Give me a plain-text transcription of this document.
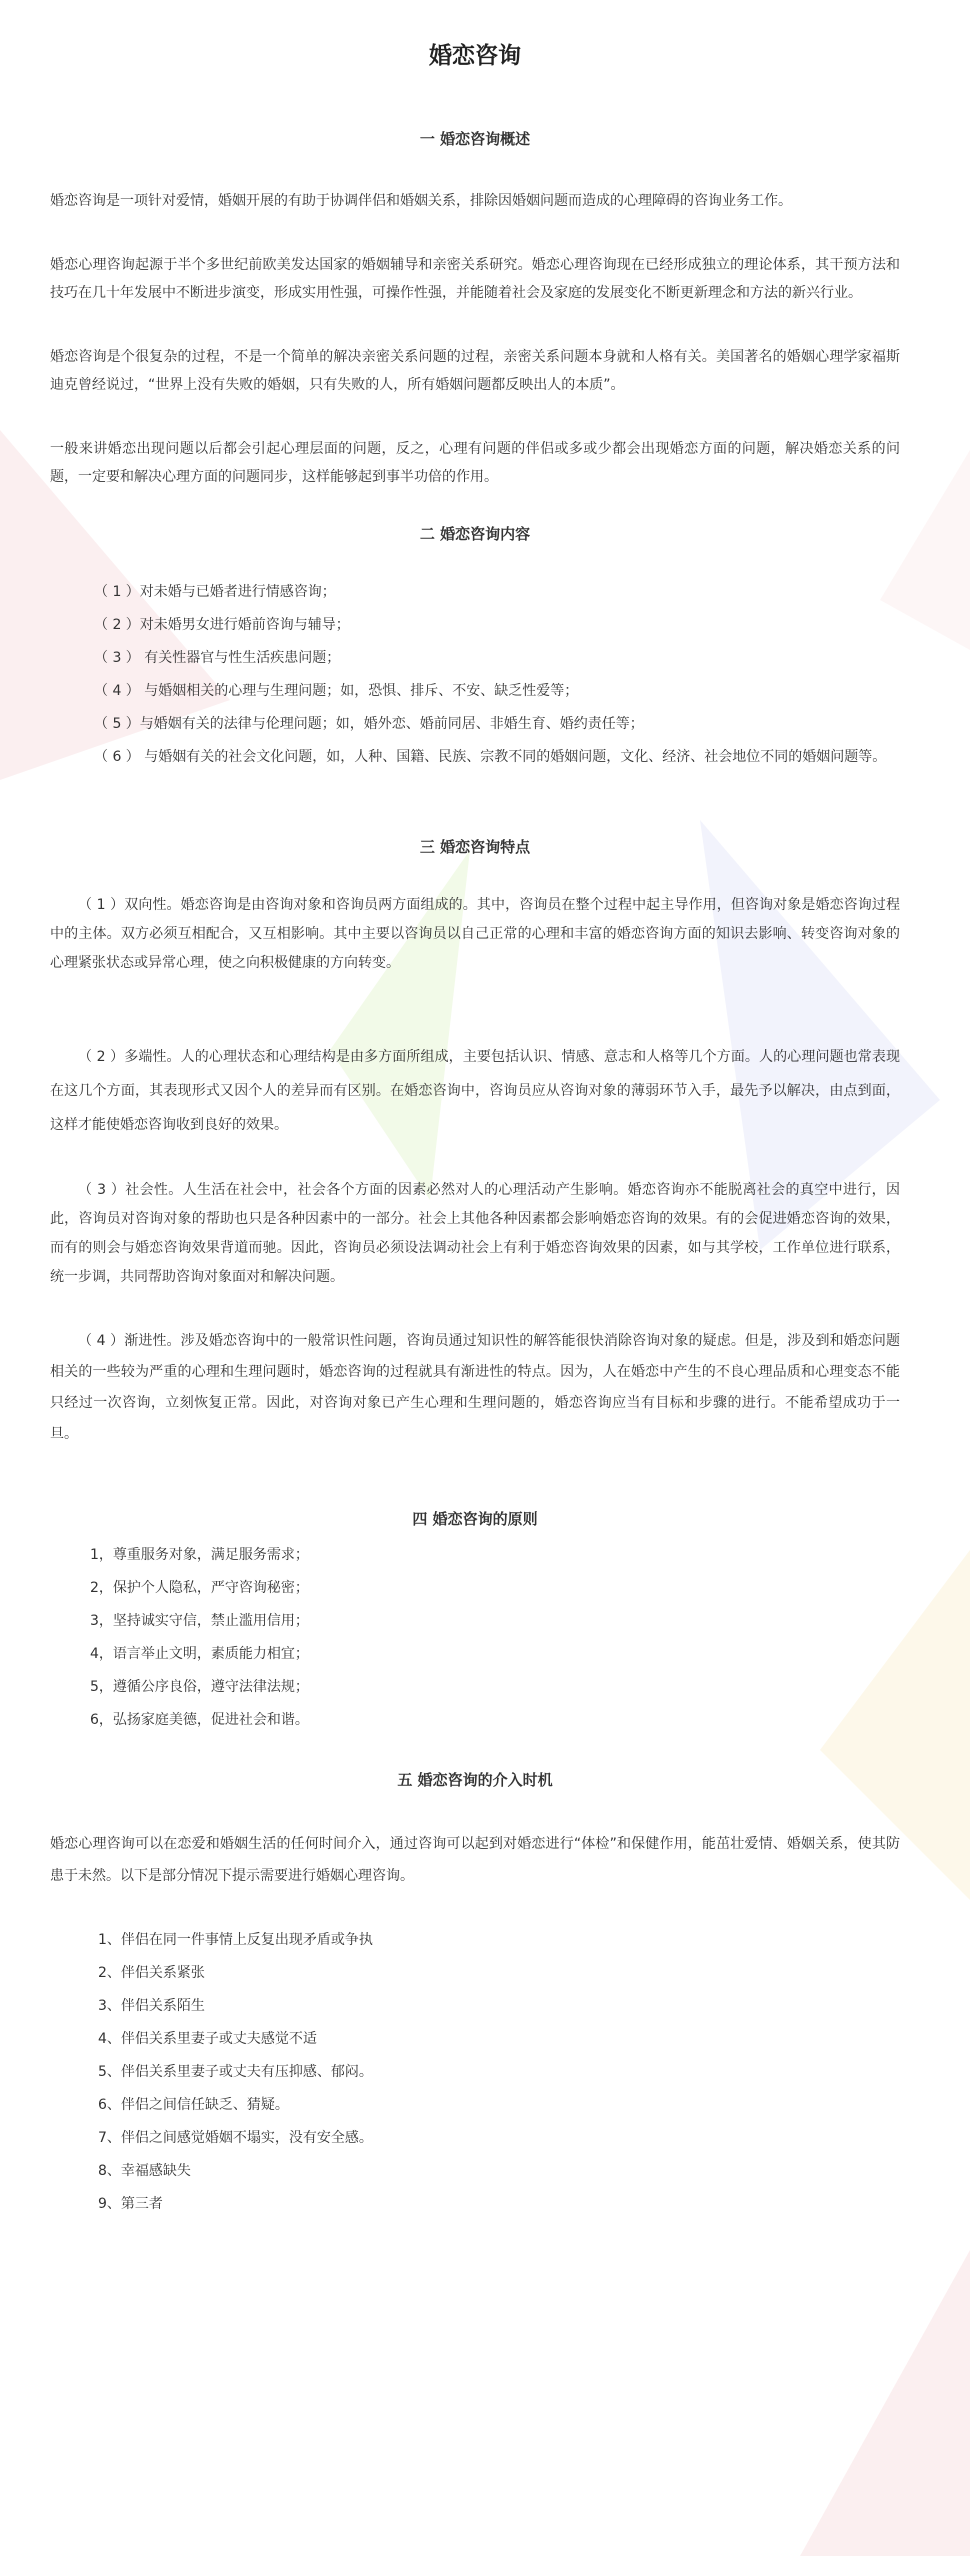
婚恋咨询
一 婚恋咨询概述

婚恋咨询是一项针对爱情，婚姻开展的有助于协调伴侣和婚姻关系，排除因婚姻问题而造成的心理障碍的咨询业务工作。

婚恋心理咨询起源于半个多世纪前欧美发达国家的婚姻辅导和亲密关系研究。婚恋心理咨询现在已经形成独立的理论体系，其干预方法和技巧在几十年发展中不断进步演变，形成实用性强，可操作性强，并能随着社会及家庭的发展变化不断更新理念和方法的新兴行业。

婚恋咨询是个很复杂的过程，不是一个简单的解决亲密关系问题的过程，亲密关系问题本身就和人格有关。美国著名的婚姻心理学家福斯迪克曾经说过，“世界上没有失败的婚姻，只有失败的人，所有婚姻问题都反映出人的本质”。

一般来讲婚恋出现问题以后都会引起心理层面的问题，反之，心理有问题的伴侣或多或少都会出现婚恋方面的问题，解决婚恋关系的问题，一定要和解决心理方面的问题同步，这样能够起到事半功倍的作用。

二 婚恋咨询内容
（ 1 ）对未婚与已婚者进行情感咨询；
（ 2 ）对未婚男女进行婚前咨询与辅导；
（ 3 ） 有关性器官与性生活疾患问题；
（ 4 ） 与婚姻相关的心理与生理问题；如，恐惧、排斥、不安、缺乏性爱等；
（ 5 ）与婚姻有关的法律与伦理问题；如，婚外恋、婚前同居、非婚生育、婚约责任等；
（ 6 ） 与婚姻有关的社会文化问题，如，人种、国籍、民族、宗教不同的婚姻问题，文化、经济、社会地位不同的婚姻问题等。
三 婚恋咨询特点

（ 1 ）双向性。婚恋咨询是由咨询对象和咨询员两方面组成的。其中，咨询员在整个过程中起主导作用，但咨询对象是婚恋咨询过程中的主体。双方必须互相配合，又互相影响。其中主要以咨询员以自己正常的心理和丰富的婚恋咨询方面的知识去影响、转变咨询对象的心理紧张状态或异常心理，使之向积极健康的方向转变。

（ 2 ）多端性。人的心理状态和心理结构是由多方面所组成，主要包括认识、情感、意志和人格等几个方面。人的心理问题也常表现在这几个方面，其表现形式又因个人的差异而有区别。在婚恋咨询中，咨询员应从咨询对象的薄弱环节入手，最先予以解决，由点到面，这样才能使婚恋咨询收到良好的效果。

（ 3 ）社会性。人生活在社会中，社会各个方面的因素必然对人的心理活动产生影响。婚恋咨询亦不能脱离社会的真空中进行，因此，咨询员对咨询对象的帮助也只是各种因素中的一部分。社会上其他各种因素都会影响婚恋咨询的效果。有的会促进婚恋咨询的效果，而有的则会与婚恋咨询效果背道而驰。因此，咨询员必须设法调动社会上有利于婚恋咨询效果的因素，如与其学校，工作单位进行联系，统一步调，共同帮助咨询对象面对和解决问题。

（ 4 ）渐进性。涉及婚恋咨询中的一般常识性问题，咨询员通过知识性的解答能很快消除咨询对象的疑虑。但是，涉及到和婚恋问题相关的一些较为严重的心理和生理问题时，婚恋咨询的过程就具有渐进性的特点。因为，人在婚恋中产生的不良心理品质和心理变态不能只经过一次咨询，立刻恢复正常。因此，对咨询对象已产生心理和生理问题的，婚恋咨询应当有目标和步骤的进行。不能希望成功于一旦。

四 婚恋咨询的原则
1，尊重服务对象，满足服务需求；
2，保护个人隐私，严守咨询秘密；
3，坚持诚实守信，禁止滥用信用；
4，语言举止文明，素质能力相宜；
5，遵循公序良俗，遵守法律法规；
6，弘扬家庭美德，促进社会和谐。
五 婚恋咨询的介入时机

婚恋心理咨询可以在恋爱和婚姻生活的任何时间介入，通过咨询可以起到对婚恋进行“体检”和保健作用，能茁壮爱情、婚姻关系，使其防患于未然。以下是部分情况下提示需要进行婚姻心理咨询。

1、伴侣在同一件事情上反复出现矛盾或争执
2、伴侣关系紧张
3、伴侣关系陌生
4、伴侣关系里妻子或丈夫感觉不适
5、伴侣关系里妻子或丈夫有压抑感、郁闷。
6、伴侣之间信任缺乏、猜疑。
7、伴侣之间感觉婚姻不塌实，没有安全感。
8、幸福感缺失
9、第三者
